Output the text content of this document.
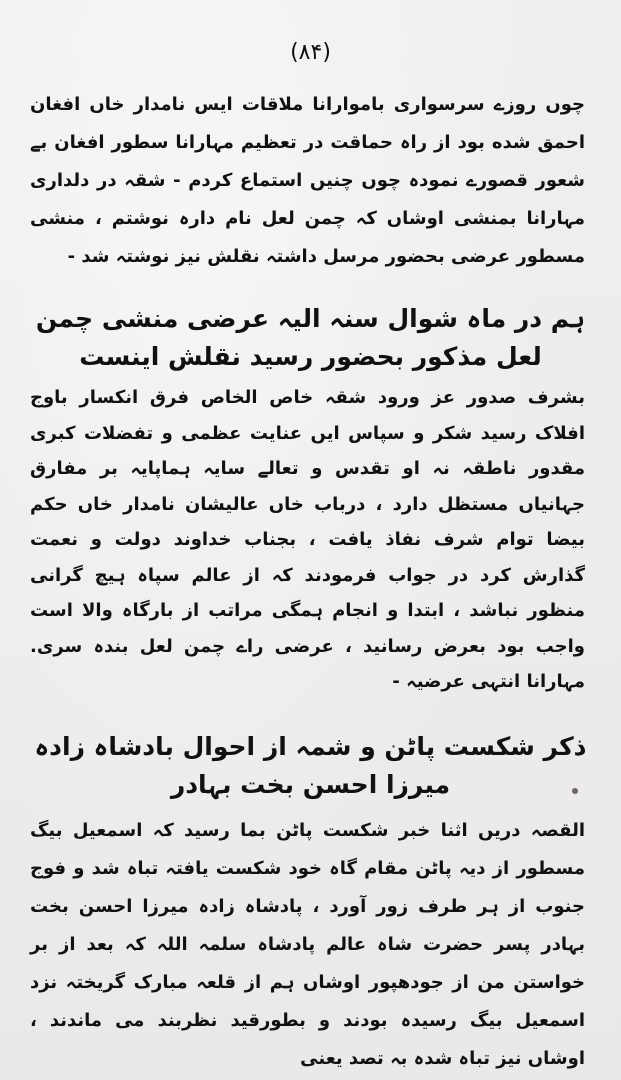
(۸۴)

چوں روزے سرسواری باموارانا ملاقات ایس نامدار خاں افغان احمق شده بود از راہ حماقت در تعظیم مہارانا سطور افغان بے شعور قصورے نمودہ چوں چنیں استماع کردم - شقہ در دلداری مہارانا بمنشی اوشاں کہ چمن لعل نام دارہ نوشتم ، منشی مسطور عرضی بحضور مرسل داشتہ نقلش نیز نوشتہ شد -

ہم در ماہ شوال سنہ الیہ عرضی منشی چمن لعل مذکور بحضور رسید نقلش اینست

بشرف صدور عز ورود شقہ خاص الخاص فرق انکسار باوج افلاک رسید شکر و سپاس ایں عنایت عظمی و تفضلات کبری مقدور ناطقہ نہ او تقدس و تعالے سایہ ہماپایہ بر مفارق جہانیاں مستظل دارد ، درباب خاں عالیشان نامدار خاں حکم بیضا توام شرف نفاذ یافت ، بجناب خداوند دولت و نعمت گذارش کرد در جواب فرمودند کہ از عالم سپاہ ہیچ گرانی منظور نباشد ، ابتدا و انجام ہمگی مراتب از بارگاہ والا است واجب بود بعرض رسانید ، عرضی راے چمن لعل بندہ سری. مہارانا انتہی عرضیہ -

ذکر شکست پاٹن و شمہ از احوال بادشاہ زادہ میرزا احسن بخت بہادر

القصہ دریں اثنا خبر شکست پاٹن بما رسید کہ اسمعیل بیگ مسطور از دیہ پاٹن مقام گاہ خود شکست یافتہ تباہ شد و فوج جنوب از ہر طرف زور آورد ، پادشاہ زادہ میرزا احسن بخت بہادر پسر حضرت شاہ عالم پادشاہ سلمہ اللہ کہ بعد از بر خواستن من از جودھپور اوشاں ہم از قلعہ مبارک گریختہ نزد اسمعیل بیگ رسیدہ بودند و بطورقید نظربند می ماندند ، اوشاں نیز تباہ شدہ بہ تصد یعنی
